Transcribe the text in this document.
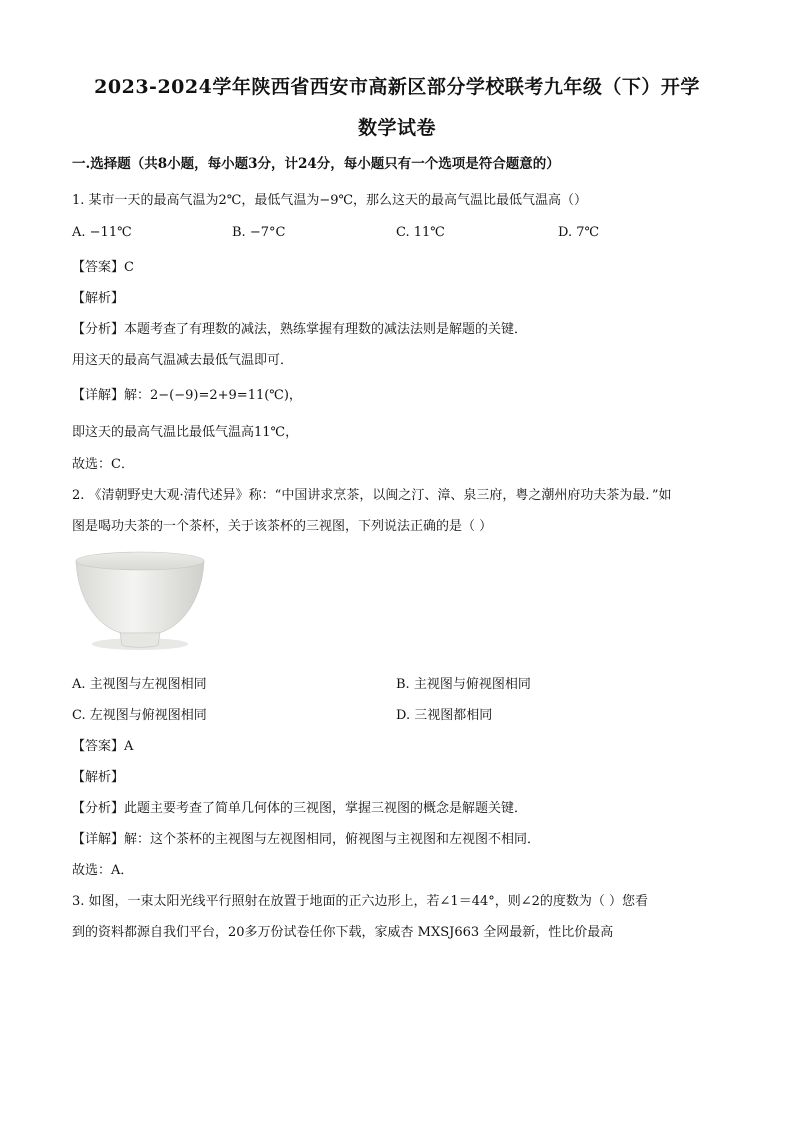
2023-2024学年陕西省西安市高新区部分学校联考九年级（下）开学
数学试卷
一.选择题（共8小题，每小题3分，计24分，每小题只有一个选项是符合题意的）
1. 某市一天的最高气温为2℃，最低气温为−9℃，那么这天的最高气温比最低气温高（）
A. −11℃	B. −7°C	C. 11℃	D. 7℃
【答案】C
【解析】
【分析】本题考查了有理数的减法，熟练掌握有理数的减法法则是解题的关键．
用这天的最高气温减去最低气温即可．
【详解】解：2−(−9)=2+9=11(℃)，
即这天的最高气温比最低气温高11℃，
故选：C．
2. 《清朝野史大观·清代述异》称：“中国讲求烹茶，以闽之汀、漳、泉三府，粤之潮州府功夫茶为最．”如
图是喝功夫茶的一个茶杯，关于该茶杯的三视图，下列说法正确的是（ ）
A. 主视图与左视图相同	B. 主视图与俯视图相同
C. 左视图与俯视图相同	D. 三视图都相同
【答案】A
【解析】
【分析】此题主要考查了简单几何体的三视图，掌握三视图的概念是解题关键．
【详解】解：这个茶杯的主视图与左视图相同，俯视图与主视图和左视图不相同．
故选：A．
3. 如图，一束太阳光线平行照射在放置于地面的正六边形上，若∠1＝44°，则∠2的度数为（ ）您看
到的资料都源自我们平台，20多万份试卷任你下载，家威杏 MXSJ663 全网最新，性比价最高
